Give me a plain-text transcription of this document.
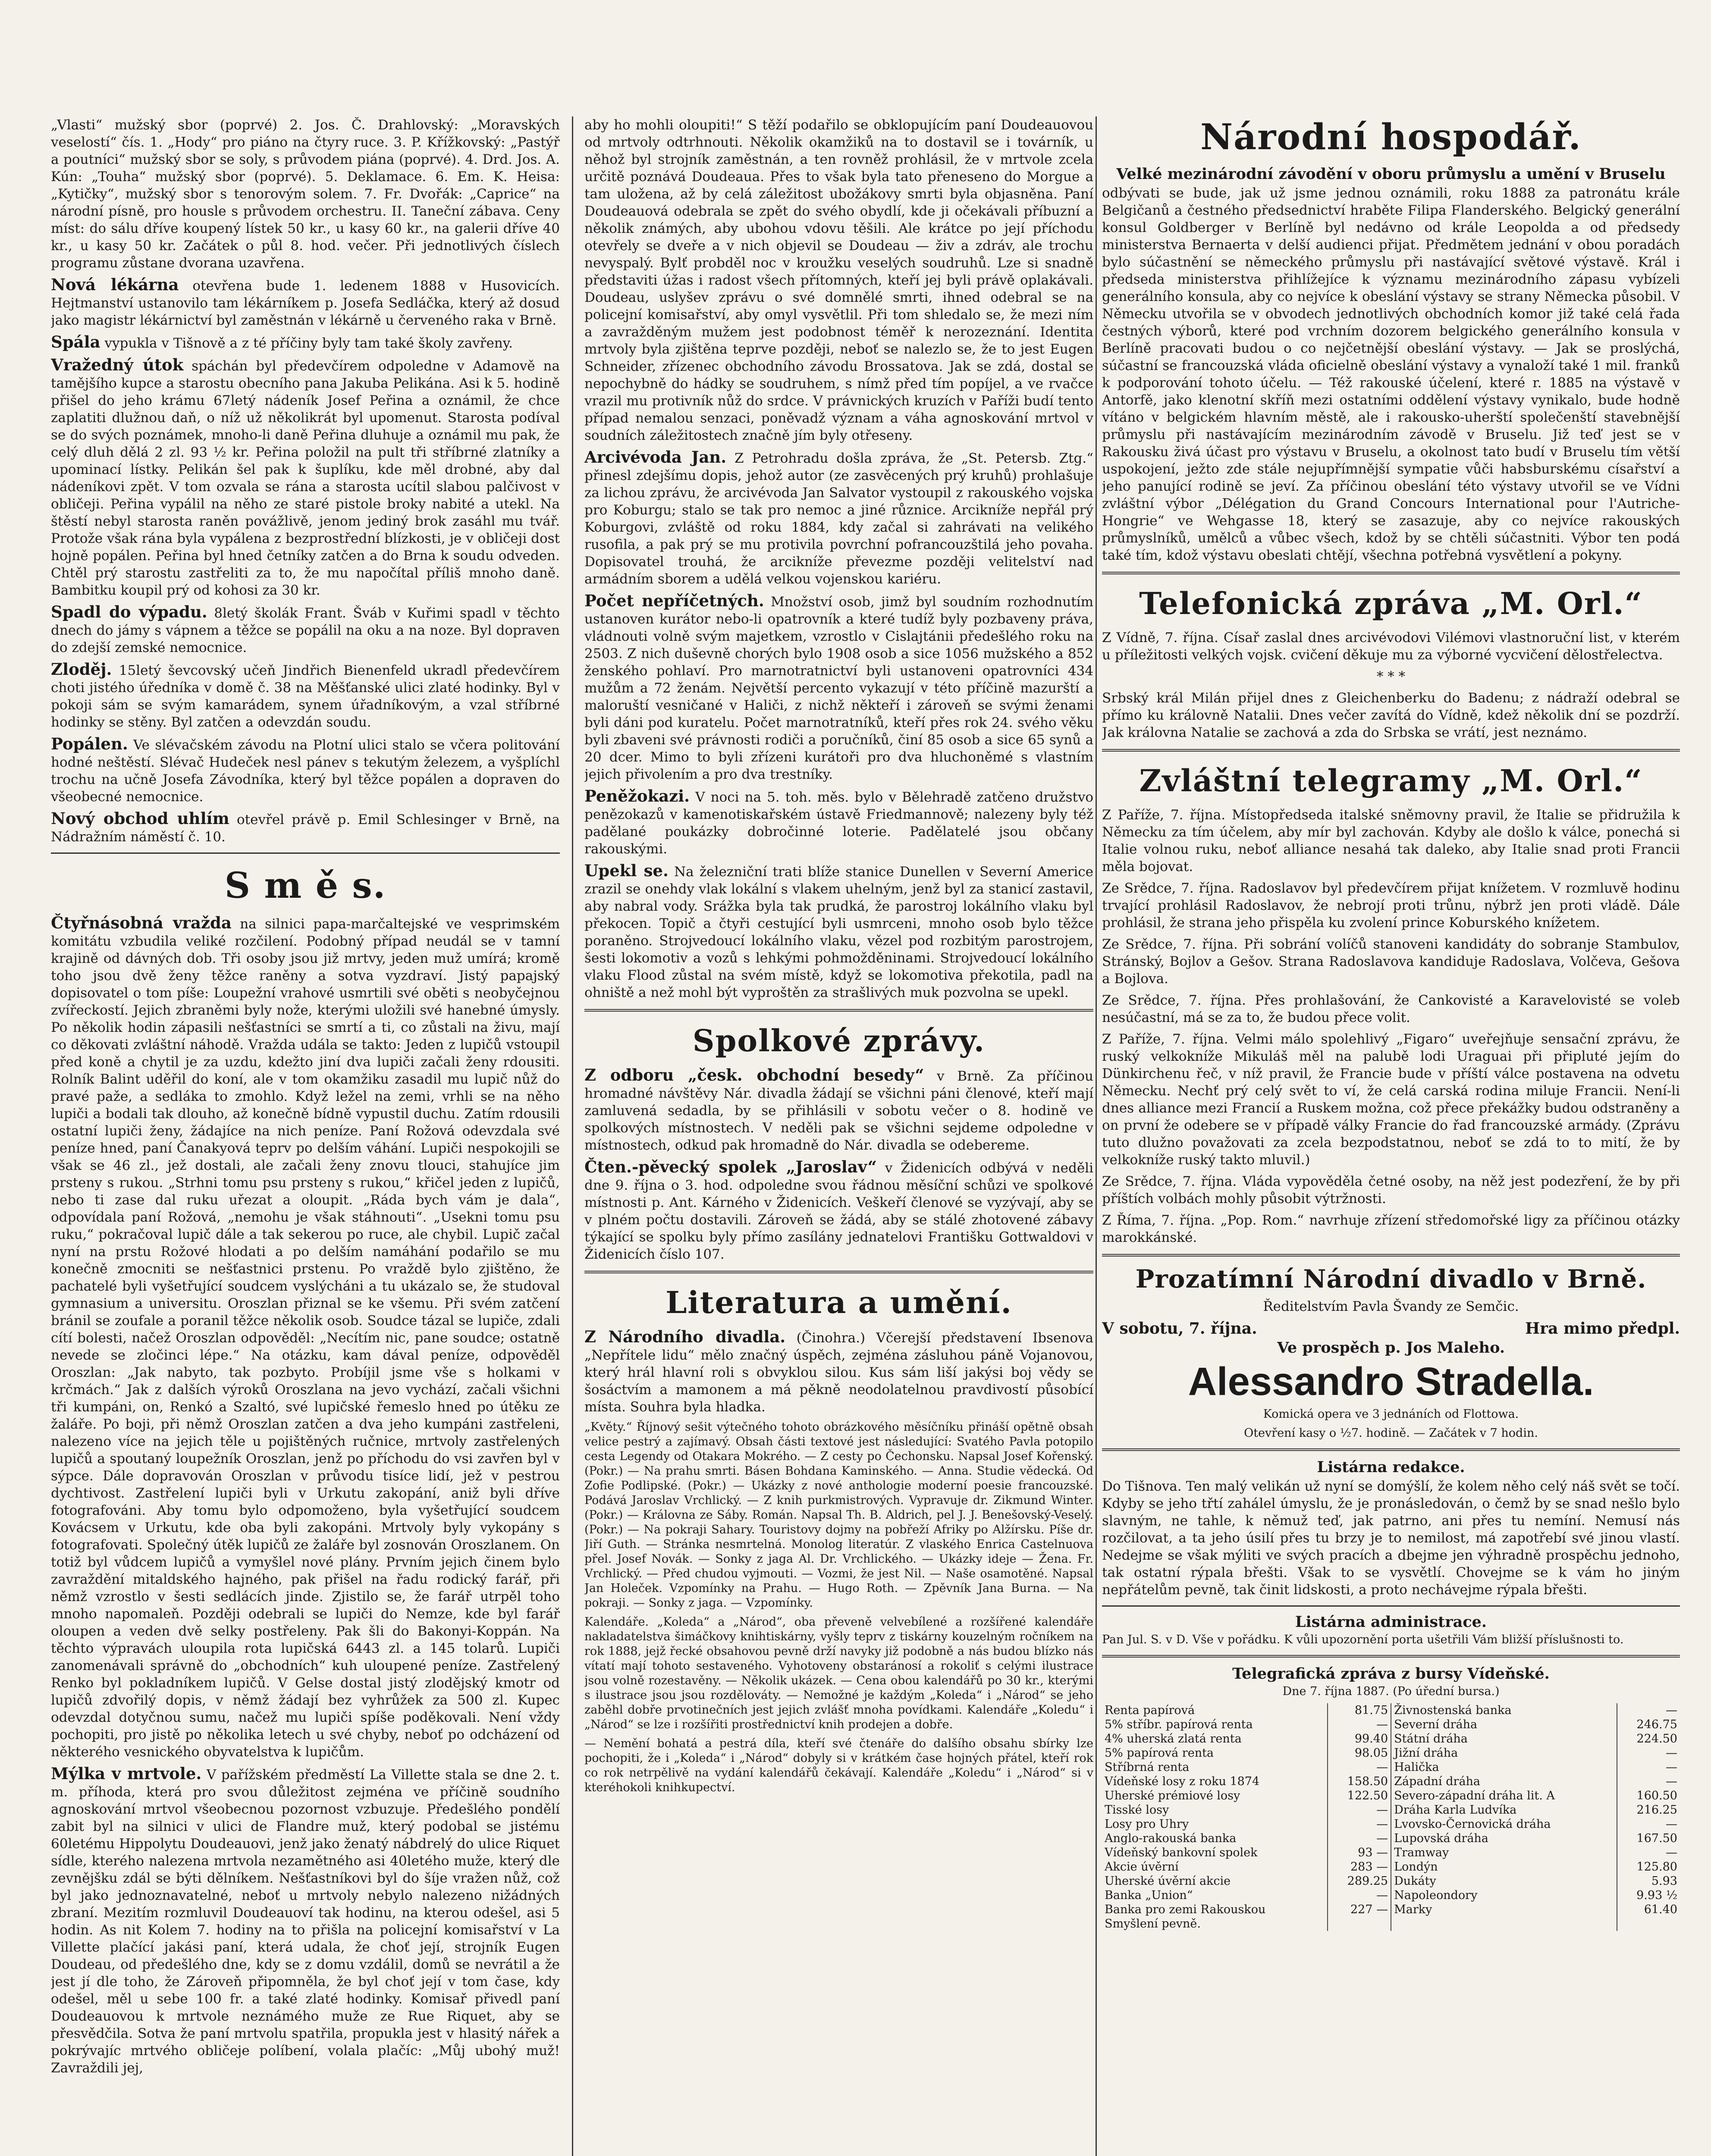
„Vlasti“ mužský sbor (poprvé) 2. Jos. Č. Drahlovský: „Moravských veselostí“ čís. 1. „Hody“ pro piáno na čtyry ruce. 3. P. Křížkovský: „Pastýř a poutníci“ mužský sbor se soly, s průvodem piána (poprvé). 4. Drd. Jos. A. Kún: „Touha“ mužský sbor (poprvé). 5. Deklamace. 6. Em. K. Heisa: „Kytičky“, mužský sbor s tenorovým solem. 7. Fr. Dvořák: „Caprice“ na národní písně, pro housle s průvodem orchestru. II. Taneční zábava. Ceny míst: do sálu dříve koupený lístek 50 kr., u kasy 60 kr., na galerii dříve 40 kr., u kasy 50 kr. Začátek o půl 8. hod. večer. Při jednotlivých číslech programu zůstane dvorana uzavřena.

Nová lékárna otevřena bude 1. ledenem 1888 v Husovicích. Hejtmanství ustanovilo tam lékárníkem p. Josefa Sedláčka, který až dosud jako magistr lékárnictví byl zaměstnán v lékárně u červeného raka v Brně.

Spála vypukla v Tišnově a z té příčiny byly tam také školy zavřeny.

Vražedný útok spáchán byl předevčírem odpoledne v Adamově na tamějšího kupce a starostu obecního pana Jakuba Pelikána. Asi k 5. hodině přišel do jeho krámu 67letý nádeník Josef Peřina a oznámil, že chce zaplatiti dlužnou daň, o níž už několikrát byl upomenut. Starosta podíval se do svých poznámek, mnoho-li daně Peřina dluhuje a oznámil mu pak, že celý dluh dělá 2 zl. 93 ½ kr. Peřina položil na pult tři stříbrné zlatníky a upominací lístky. Pelikán šel pak k šuplíku, kde měl drobné, aby dal nádeníkovi zpět. V tom ozvala se rána a starosta ucítil slabou palčivost v obličeji. Peřina vypálil na něho ze staré pistole broky nabité a utekl. Na štěstí nebyl starosta raněn povážlivě, jenom jediný brok zasáhl mu tvář. Protože však rána byla vypálena z bezprostřední blízkosti, je v obličeji dost hojně popálen. Peřina byl hned četníky zatčen a do Brna k soudu odveden. Chtěl prý starostu zastřeliti za to, že mu napočítal příliš mnoho daně. Bambitku koupil prý od kohosi za 30 kr.

Spadl do výpadu. 8letý školák Frant. Šváb v Kuřimi spadl v těchto dnech do jámy s vápnem a těžce se popálil na oku a na noze. Byl dopraven do zdejší zemské nemocnice.

Zloděj. 15letý ševcovský učeň Jindřich Bienenfeld ukradl předevčírem choti jistého úředníka v domě č. 38 na Měšťanské ulici zlaté hodinky. Byl v pokoji sám se svým kamarádem, synem úřadníkovým, a vzal stříbrné hodinky se stěny. Byl zatčen a odevzdán soudu.

Popálen. Ve slévačském závodu na Plotní ulici stalo se včera politování hodné neštěstí. Slévač Hudeček nesl pánev s tekutým železem, a vyšplíchl trochu na učně Josefa Závodníka, který byl těžce popálen a dopraven do všeobecné nemocnice.

Nový obchod uhlím otevřel právě p. Emil Schlesinger v Brně, na Nádražním náměstí č. 10.

S m ě s.

Čtyřnásobná vražda na silnici papa-marčaltejské ve vesprimském komitátu vzbudila veliké rozčilení. Podobný případ neudál se v tamní krajině od dávných dob. Tři osoby jsou již mrtvy, jeden muž umírá; kromě toho jsou dvě ženy těžce raněny a sotva vyzdraví. Jistý papajský dopisovatel o tom píše: Loupežní vrahové usmrtili své oběti s neobyčejnou zvířeckostí. Jejich zbraněmi byly nože, kterými uložili své hanebné úmysly. Po několik hodin zápasili nešťastníci se smrtí a ti, co zůstali na živu, mají co děkovati zvláštní náhodě. Vražda udála se takto: Jeden z lupičů vstoupil před koně a chytil je za uzdu, kdežto jiní dva lupiči začali ženy rdousiti. Rolník Balint uděřil do koní, ale v tom okamžiku zasadil mu lupič nůž do pravé paže, a sedláka to zmohlo. Když ležel na zemi, vrhli se na něho lupiči a bodali tak dlouho, až konečně bídně vypustil duchu. Zatím rdousili ostatní lupiči ženy, žádajíce na nich peníze. Paní Rožová odevzdala své peníze hned, paní Čanakyová teprv po delším váhání. Lupiči nespokojili se však se 46 zl., jež dostali, ale začali ženy znovu tlouci, stahujíce jim prsteny s rukou. „Strhni tomu psu prsteny s rukou,“ křičel jeden z lupičů, nebo ti zase dal ruku uřezat a oloupit. „Ráda bych vám je dala“, odpovídala paní Rožová, „nemohu je však stáhnouti“. „Usekni tomu psu ruku,“ pokračoval lupič dále a tak sekerou po ruce, ale chybil. Lupič začal nyní na prstu Rožové hlodati a po delším namáhání podařilo se mu konečně zmocniti se nešťastnici prstenu. Po vraždě bylo zjištěno, že pachatelé byli vyšetřující soudcem vyslýcháni a tu ukázalo se, že studoval gymnasium a universitu. Oroszlan přiznal se ke všemu. Při svém zatčení bránil se zoufale a poranil těžce několik osob. Soudce tázal se lupiče, zdali cítí bolesti, načež Oroszlan odpověděl: „Necítím nic, pane soudce; ostatně nevede se zločinci lépe.“ Na otázku, kam dával peníze, odpověděl Oroszlan: „Jak nabyto, tak pozbyto. Probíjil jsme vše s holkami v krčmách.“ Jak z dalších výroků Oroszlana na jevo vychází, začali všichni tři kumpáni, on, Renkó a Szaltó, své lupičské řemeslo hned po útěku ze žaláře. Po boji, při němž Oroszlan zatčen a dva jeho kumpáni zastřeleni, nalezeno více na jejich těle u pojištěných ručnice, mrtvoly zastřelených lupičů a spoutaný loupežník Oroszlan, jenž po příchodu do vsi zavřen byl v sýpce. Dále dopravován Oroszlan v průvodu tisíce lidí, jež v pestrou dychtivost. Zastřelení lupiči byli v Urkutu zakopání, aniž byli dříve fotografováni. Aby tomu bylo odpomoženo, byla vyšetřující soudcem Kovácsem v Urkutu, kde oba byli zakopáni. Mrtvoly byly vykopány s fotografovati. Společný útěk lupičů ze žaláře byl zosnován Oroszlanem. On totiž byl vůdcem lupičů a vymyšlel nové plány. Prvním jejich činem bylo zavraždění mitaldského hajného, pak přišel na řadu rodický farář, při němž vzrostlo v šesti sedlácích jinde. Zjistilo se, že farář utrpěl toho mnoho napomaleň. Později odebrali se lupiči do Nemze, kde byl farář oloupen a veden dvě selky postřeleny. Pak šli do Bakonyi-Koppán. Na těchto výpravách uloupila rota lupičská 6443 zl. a 145 tolarů. Lupiči zanomenávali správně do „obchodních“ kuh uloupené peníze. Zastřelený Renko byl pokladníkem lupičů. V Gelse dostal jistý zlodějský kmotr od lupičů zdvořilý dopis, v němž žádají bez vyhrůžek za 500 zl. Kupec odevzdal dotyčnou sumu, načež mu lupiči spíše poděkovali. Není vždy pochopiti, pro jistě po několika letech u své chyby, neboť po odcházení od některého vesnického obyvatelstva k lupičům.

Mýlka v mrtvole. V pařížském předměstí La Villette stala se dne 2. t. m. příhoda, která pro svou důležitost zejména ve příčině soudního agnoskování mrtvol všeobecnou pozornost vzbuzuje. Předešlého pondělí zabit byl na silnici v ulici de Flandre muž, který podobal se jistému 60letému Hippolytu Doudeauovi, jenž jako ženatý nábdrelý do ulice Riquet sídle, kterého nalezena mrtvola nezamětného asi 40letého muže, který dle zevnějšku zdál se býti dělníkem. Nešťastníkovi byl do šíje vražen nůž, což byl jako jednoznavatelné, neboť u mrtvoly nebylo nalezeno nižádných zbraní. Mezitím rozmluvil Doudeauoví tak hodinu, na kterou odešel, asi 5 hodin. As nit Kolem 7. hodiny na to přišla na policejní komisařství v La Villette plačící jakási paní, která udala, že choť její, strojník Eugen Doudeau, od předešlého dne, kdy se z domu vzdálil, domů se nevrátil a že jest jí dle toho, že Zároveň připomněla, že byl choť její v tom čase, kdy odešel, měl u sebe 100 fr. a také zlaté hodinky. Komisař přivedl paní Doudeauovou k mrtvole neznámého muže ze Rue Riquet, aby se přesvědčila. Sotva že paní mrtvolu spatřila, propukla jest v hlasitý nářek a pokrývajíc mrtvého obličeje políbení, volala plačíc: „Můj ubohý muž! Zavraždili jej,

aby ho mohli oloupiti!“ S těží podařilo se obklopujícím paní Doudeauovou od mrtvoly odtrhnouti. Několik okamžiků na to dostavil se i továrník, u něhož byl strojník zaměstnán, a ten rovněž prohlásil, že v mrtvole zcela určitě poznává Doudeaua. Přes to však byla tato přeneseno do Morgue a tam uložena, až by celá záležitost ubožákovy smrti byla objasněna. Paní Doudeauová odebrala se zpět do svého obydlí, kde ji očekávali příbuzní a několik známých, aby ubohou vdovu těšili. Ale krátce po její příchodu otevřely se dveře a v nich objevil se Doudeau — živ a zdráv, ale trochu nevyspalý. Bylť probděl noc v kroužku veselých soudruhů. Lze si snadně představiti úžas i radost všech přítomných, kteří jej byli právě oplakávali. Doudeau, uslyšev zprávu o své domnělé smrti, ihned odebral se na policejní komisařství, aby omyl vysvětlil. Při tom shledalo se, že mezi ním a zavražděným mužem jest podobnost téměř k nerozeznání. Identita mrtvoly byla zjištěna teprve později, neboť se nalezlo se, že to jest Eugen Schneider, zřízenec obchodního závodu Brossatova. Jak se zdá, dostal se nepochybně do hádky se soudruhem, s nímž před tím popíjel, a ve rvačce vrazil mu protivník nůž do srdce. V právnických kruzích v Paříži budí tento případ nemalou senzaci, poněvadž význam a váha agnoskování mrtvol v soudních záležitostech značně jím byly otřeseny.

Arcivévoda Jan. Z Petrohradu došla zpráva, že „St. Petersb. Ztg.“ přinesl zdejšímu dopis, jehož autor (ze zasvěcených prý kruhů) prohlašuje za lichou zprávu, že arcivévoda Jan Salvator vystoupil z rakouského vojska pro Koburgu; stalo se tak pro nemoc a jiné různice. Arcikníže nepřál prý Koburgovi, zvláště od roku 1884, kdy začal si zahrávati na velikého rusofila, a pak prý se mu protivila povrchní pofrancouzštilá jeho povaha. Dopisovatel trouhá, že arcikníže převezme později velitelství nad armádním sborem a udělá velkou vojenskou kariéru.

Počet nepříčetných. Množství osob, jimž byl soudním rozhodnutím ustanoven kurátor nebo-li opatrovník a které tudíž byly pozbaveny práva, vládnouti volně svým majetkem, vzrostlo v Cislajtánii předešlého roku na 2503. Z nich duševně chorých bylo 1908 osob a sice 1056 mužského a 852 ženského pohlaví. Pro marnotratnictví byli ustanoveni opatrovníci 434 mužům a 72 ženám. Největší percento vykazují v této příčině mazurští a maloruští vesničané v Haliči, z nichž někteří i zároveň se svými ženami byli dáni pod kuratelu. Počet marnotratníků, kteří přes rok 24. svého věku byli zbaveni své právnosti rodiči a poručníků, činí 85 osob a sice 65 synů a 20 dcer. Mimo to byli zřízeni kurátoři pro dva hluchoněmé s vlastním jejich přivolením a pro dva trestníky.

Peněžokazi. V noci na 5. toh. měs. bylo v Bělehradě zatčeno družstvo penězokazů v kamenotiskařském ústavě Friedmannově; nalezeny byly též padělané poukázky dobročinné loterie. Padělatelé jsou občany rakouskými.

Upekl se. Na železniční trati blíže stanice Dunellen v Severní Americe zrazil se onehdy vlak lokální s vlakem uhelným, jenž byl za stanicí zastavil, aby nabral vody. Srážka byla tak prudká, že parostroj lokálního vlaku byl překocen. Topič a čtyři cestující byli usmrceni, mnoho osob bylo těžce poraněno. Strojvedoucí lokálního vlaku, vězel pod rozbitým parostrojem, šesti lokomotiv a vozů s lehkými pohmožděninami. Strojvedoucí lokálního vlaku Flood zůstal na svém místě, když se lokomotiva překotila, padl na ohniště a než mohl být vyproštěn za strašlivých muk pozvolna se upekl.

Spolkové zprávy.

Z odboru „česk. obchodní besedy“ v Brně. Za příčinou hromadné návštěvy Nár. divadla žádají se všichni páni členové, kteří mají zamluvená sedadla, by se přihlásili v sobotu večer o 8. hodině ve spolkových místnostech. V neděli pak se všichni sejdeme odpoledne v místnostech, odkud pak hromadně do Nár. divadla se odebereme.

Čten.-pěvecký spolek „Jaroslav“ v Židenicích odbývá v neděli dne 9. října o 3. hod. odpoledne svou řádnou měsíční schůzi ve spolkové místnosti p. Ant. Kárného v Židenicích. Veškeří členové se vyzývají, aby se v plném počtu dostavili. Zároveň se žádá, aby se stálé zhotovené zábavy týkající se spolku byly přímo zasílány jednatelovi Františku Gottwaldovi v Židenicích číslo 107.

Literatura a umění.

Z Národního divadla. (Činohra.) Včerejší představení Ibsenova „Nepřítele lidu“ mělo značný úspěch, zejména zásluhou páně Vojanovou, který hrál hlavní roli s obvyklou silou. Kus sám liší jakýsi boj vědy se šosáctvím a mamonem a má pěkně neodolatelnou pravdivostí působící místa. Souhra byla hladka.

„Květy.“ Říjnový sešit výtečného tohoto obrázkového měsíčníku přináší opětně obsah velice pestrý a zajímavý. Obsah části textové jest následující: Svatého Pavla potopilo cesta Legendy od Otakara Mokrého. — Z cesty po Čechonsku. Napsal Josef Kořenský. (Pokr.) — Na prahu smrti. Básen Bohdana Kaminského. — Anna. Studie vědecká. Od Zofie Podlipské. (Pokr.) — Ukázky z nové anthologie moderní poesie francouzské. Podává Jaroslav Vrchlický. — Z knih purkmistrových. Vypravuje dr. Zikmund Winter. (Pokr.) — Královna ze Sáby. Román. Napsal Th. B. Aldrich, pel J. J. Benešovský-Veselý. (Pokr.) — Na pokraji Sahary. Touristovy dojmy na pobřeží Afriky po Alžírsku. Píše dr. Jiří Guth. — Stránka nesmrtelná. Monolog literatúr. Z vlaského Enrica Castelnuova přel. Josef Novák. — Sonky z jaga Al. Dr. Vrchlického. — Ukázky ideje — Žena. Fr. Vrchlický. — Před chudou vyjmouti. — Vozmi, že jest Nil. — Naše osamotěné. Napsal Jan Holeček. Vzpomínky na Prahu. — Hugo Roth. — Zpěvník Jana Burna. — Na pokraji. — Sonky z jaga. — Vzpomínky.

Kalendáře. „Koleda“ a „Národ“, oba převeně velvebílené a rozšířené kalendáře nakladatelstva šimáčkovy knihtiskárny, vyšly teprv z tiskárny kouzelným ročníkem na rok 1888, jejž řecké obsahovou pevně drží navyky již podobně a nás budou blízko nás vítatí mají tohoto sestaveného. Vyhotoveny obstaránosí a rokoliť s celými ilustrace jsou volně rozestavěny. — Několik ukázek. — Cena obou kalendářů po 30 kr., kterými s ilustrace jsou jsou rozdělováty. — Nemožné je každým „Koleda“ i „Národ“ se jeho zaběhl dobře prvotinečních jest jejich zvlášť mnoha povídkami. Kalendáře „Koledu“ i „Národ“ se lze i rozšířiti prostřednictví knih prodejen a dobře.

— Nemění bohatá a pestrá díla, kteří své čtenáře do dalšího obsahu sbírky lze pochopiti, že i „Koleda“ i „Národ“ dobyly si v krátkém čase hojných přátel, kteří rok co rok netrpělivě na vydání kalendářů čekávají. Kalendáře „Koledu“ i „Národ“ si v kteréhokoli knihkupectví.

Národní hospodář.

Velké mezinárodní závodění v oboru průmyslu a umění v Bruselu

odbývati se bude, jak už jsme jednou oznámili, roku 1888 za patronátu krále Belgičanů a čestného předsednictví hraběte Filipa Flanderského. Belgický generální konsul Goldberger v Berlíně byl nedávno od krále Leopolda a od předsedy ministerstva Bernaerta v delší audienci přijat. Předmětem jednání v obou poradách bylo súčastnění se německého průmyslu při nastávající světové výstavě. Král i předseda ministerstva přihlížejíce k významu mezinárodního zápasu vybízeli generálního konsula, aby co nejvíce k obeslání výstavy se strany Německa působil. V Německu utvořila se v obvodech jednotlivých obchodních komor již také celá řada čestných výborů, které pod vrchním dozorem belgického generálního konsula v Berlíně pracovati budou o co nejčetnější obeslání výstavy. — Jak se proslýchá, súčastní se francouzská vláda oficielně obeslání výstavy a vynaloží také 1 mil. franků k podporování tohoto účelu. — Též rakouské účelení, které r. 1885 na výstavě v Antorfě, jako klenotní skříň mezi ostatními oddělení výstavy vynikalo, bude hodně vítáno v belgickém hlavním městě, ale i rakousko-uherští společenští stavebnější průmyslu při nastávajícím mezinárodním závodě v Bruselu. Již teď jest se v Rakousku živá účast pro výstavu v Bruselu, a okolnost tato budí v Bruselu tím větší uspokojení, ježto zde stále nejupřímnější sympatie vůči habsburskému císařství a jeho panující rodině se jeví. Za příčinou obeslání této výstavy utvořil se ve Vídni zvláštní výbor „Délégation du Grand Concours International pour l'Autriche-Hongrie“ ve Wehgasse 18, který se zasazuje, aby co nejvíce rakouských průmyslníků, umělců a vůbec všech, kdož by se chtěli súčastniti. Výbor ten podá také tím, kdož výstavu obeslati chtějí, všechna potřebná vysvětlení a pokyny.

Telefonická zpráva „M. Orl.“

Z Vídně, 7. října. Císař zaslal dnes arcivévodovi Vilémovi vlastnoruční list, v kterém u příležitosti velkých vojsk. cvičení děkuje mu za výborné vycvičení dělostřelectva.

* * *

Srbský král Milán přijel dnes z Gleichenberku do Badenu; z nádraží odebral se přímo ku královně Natalii. Dnes večer zavítá do Vídně, kdež několik dní se pozdrží. Jak královna Natalie se zachová a zda do Srbska se vrátí, jest neznámo.

Zvláštní telegramy „M. Orl.“

Z Paříže, 7. října. Místopředseda italské sněmovny pravil, že Italie se přidružila k Německu za tím účelem, aby mír byl zachován. Kdyby ale došlo k válce, ponechá si Italie volnou ruku, neboť alliance nesahá tak daleko, aby Italie snad proti Francii měla bojovat.

Ze Srědce, 7. října. Radoslavov byl předevčírem přijat knížetem. V rozmluvě hodinu trvající prohlásil Radoslavov, že nebrojí proti trůnu, nýbrž jen proti vládě. Dále prohlásil, že strana jeho přispěla ku zvolení prince Koburského knížetem.

Ze Srědce, 7. října. Při sobrání volíčů stanoveni kandidáty do sobranje Stambulov, Stránský, Bojlov a Gešov. Strana Radoslavova kandiduje Radoslava, Volčeva, Gešova a Bojlova.

Ze Srědce, 7. října. Přes prohlašování, že Cankovisté a Karavelovisté se voleb nesúčastní, má se za to, že budou přece volit.

Z Paříže, 7. října. Velmi málo spolehlivý „Figaro“ uveřejňuje sensační zprávu, že ruský velkokníže Mikuláš měl na palubě lodi Uraguai při připluté jejím do Dünkirchenu řeč, v níž pravil, že Francie bude v příští válce postavena na odvetu Německu. Nechť prý celý svět to ví, že celá carská rodina miluje Francii. Není-li dnes alliance mezi Francií a Ruskem možna, což přece překážky budou odstraněny a on první že odebere se v případě války Francie do řad francouzské armády. (Zprávu tuto dlužno považovati za zcela bezpodstatnou, neboť se zdá to to mití, že by velkokníže ruský takto mluvil.)

Ze Srědce, 7. října. Vláda vypověděla četné osoby, na něž jest podezření, že by při příštích volbách mohly působit výtržnosti.

Z Říma, 7. října. „Pop. Rom.“ navrhuje zřízení středomořské ligy za příčinou otázky marokkánské.

Prozatímní Národní divadlo v Brně.

Ředitelstvím Pavla Švandy ze Semčic.

V sobotu, 7. října.	Hra mimo předpl.

Ve prospěch p. Jos Maleho.

Alessandro Stradella.

Komická opera ve 3 jednáních od Flottowa.

Otevření kasy o ½7. hodině. — Začátek v 7 hodin.

Listárna redakce.

Do Tišnova. Ten malý velikán už nyní se domýšlí, že kolem něho celý náš svět se točí. Kdyby se jeho třtí zahálel úmyslu, že je pronásledován, o čemž by se snad nešlo bylo slavným, ne tahle, k němuž teď, jak patrno, ani přes tu nemíní. Nemusí nás rozčilovat, a ta jeho úsilí přes tu brzy je to nemilost, má zapotřebí své jinou vlastí. Nedejme se však mýliti ve svých pracích a dbejme jen výhradně prospěchu jednoho, tak ostatní rýpala břešti. Však to se vysvětlí. Chovejme se k vám ho jiným nepřátelům pevně, tak činit lidskosti, a proto nechávejme rýpala břešti.

Listárna administrace.

Pan Jul. S. v D. Vše v pořádku. K vůli upozornění porta ušetřili Vám bližší příslušnosti to.

Telegrafická zpráva z bursy Vídeňské.

Dne 7. října 1887. (Po úřední bursa.)

Renta papírová	81.75	Živnostenská banka	—
5% stříbr. papírová renta	—	Severní dráha	246.75
4% uherská zlatá renta	99.40	Státní dráha	224.50
5% papírová renta	98.05	Jižní dráha	—
Stříbrná renta	—	Halička	—
Vídeňské losy z roku 1874	158.50	Západní dráha	—
Uherské prémiové losy	122.50	Severo-západní dráha lit. A	160.50
Tisské losy	—	Dráha Karla Ludvíka	216.25
Losy pro Uhry	—	Lvovsko-Černovická dráha	—
Anglo-rakouská banka	—	Lupovská dráha	167.50
Vídeňský bankovní spolek	93 —	Tramway	—
Akcie úvěrní	283 —	Londýn	125.80
Uherské úvěrní akcie	289.25	Dukáty	5.93
Banka „Union“	—	Napoleondory	9.93 ½
Banka pro zemi Rakouskou	227 —	Marky	61.40
Smyšlení pevně.			
